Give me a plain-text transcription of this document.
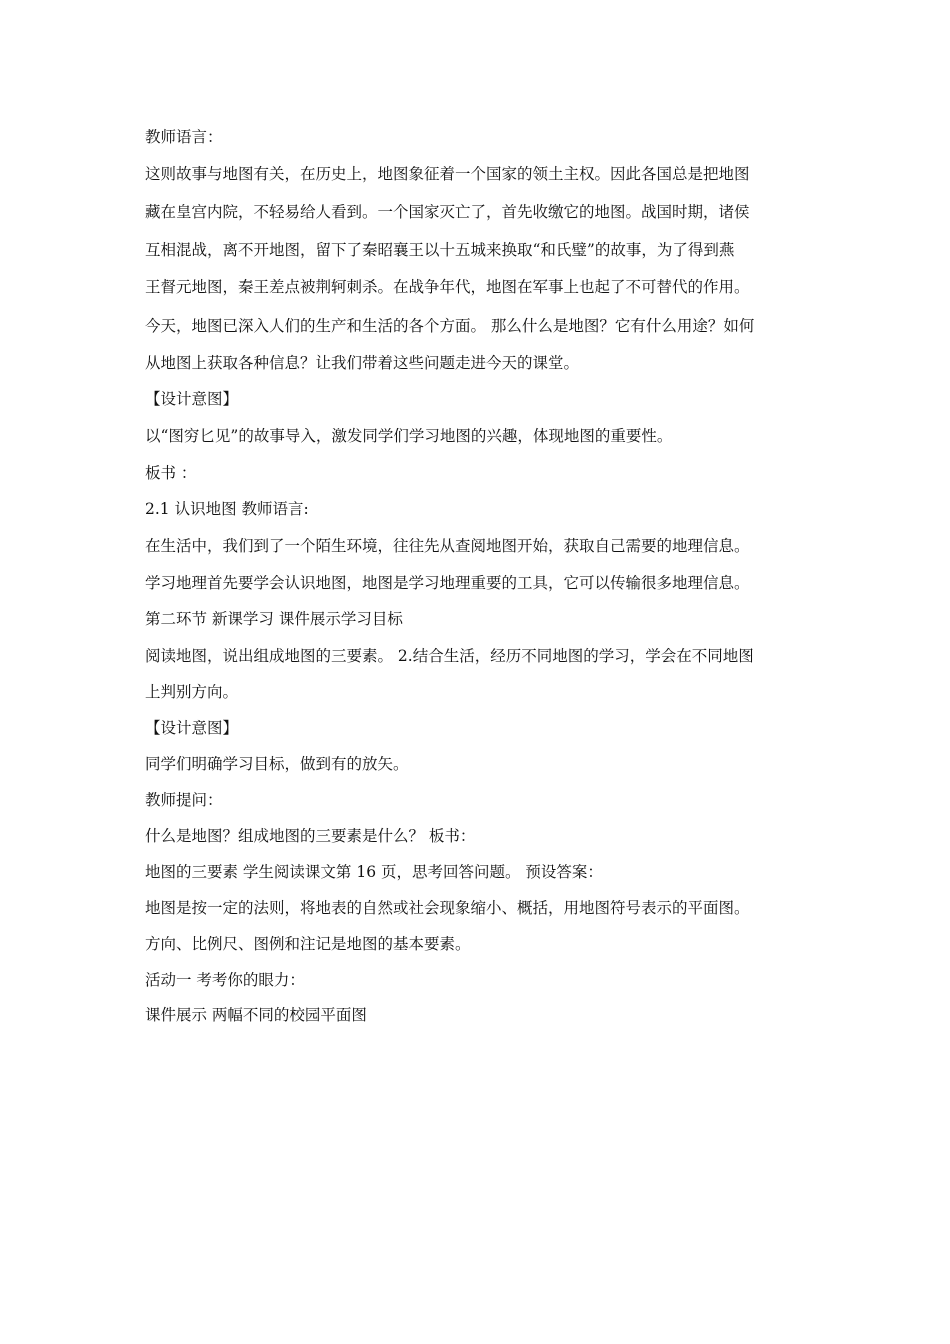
教师语言：
这则故事与地图有关，在历史上，地图象征着一个国家的领土主权。因此各国总是把地图
藏在皇宫内院，不轻易给人看到。一个国家灭亡了，首先收缴它的地图。战国时期，诸侯
互相混战，离不开地图，留下了秦昭襄王以十五城来换取“和氏璧”的故事，为了得到燕
王督元地图，秦王差点被荆轲刺杀。在战争年代，地图在军事上也起了不可替代的作用。
今天，地图已深入人们的生产和生活的各个方面。 那么什么是地图？它有什么用途？如何
从地图上获取各种信息？让我们带着这些问题走进今天的课堂。
【设计意图】
以“图穷匕见”的故事导入，激发同学们学习地图的兴趣，体现地图的重要性。
板书 ：
2.1 认识地图 教师语言:
在生活中，我们到了一个陌生环境，往往先从查阅地图开始，获取自己需要的地理信息。
学习地理首先要学会认识地图，地图是学习地理重要的工具，它可以传输很多地理信息。
第二环节 新课学习 课件展示学习目标
阅读地图，说出组成地图的三要素。 2.结合生活，经历不同地图的学习，学会在不同地图
上判别方向。
【设计意图】
同学们明确学习目标，做到有的放矢。
教师提问：
什么是地图？组成地图的三要素是什么？ 板书：
地图的三要素 学生阅读课文第 16 页，思考回答问题。 预设答案：
地图是按一定的法则，将地表的自然或社会现象缩小、概括，用地图符号表示的平面图。
方向、比例尺、图例和注记是地图的基本要素。
活动一 考考你的眼力：
课件展示 两幅不同的校园平面图
